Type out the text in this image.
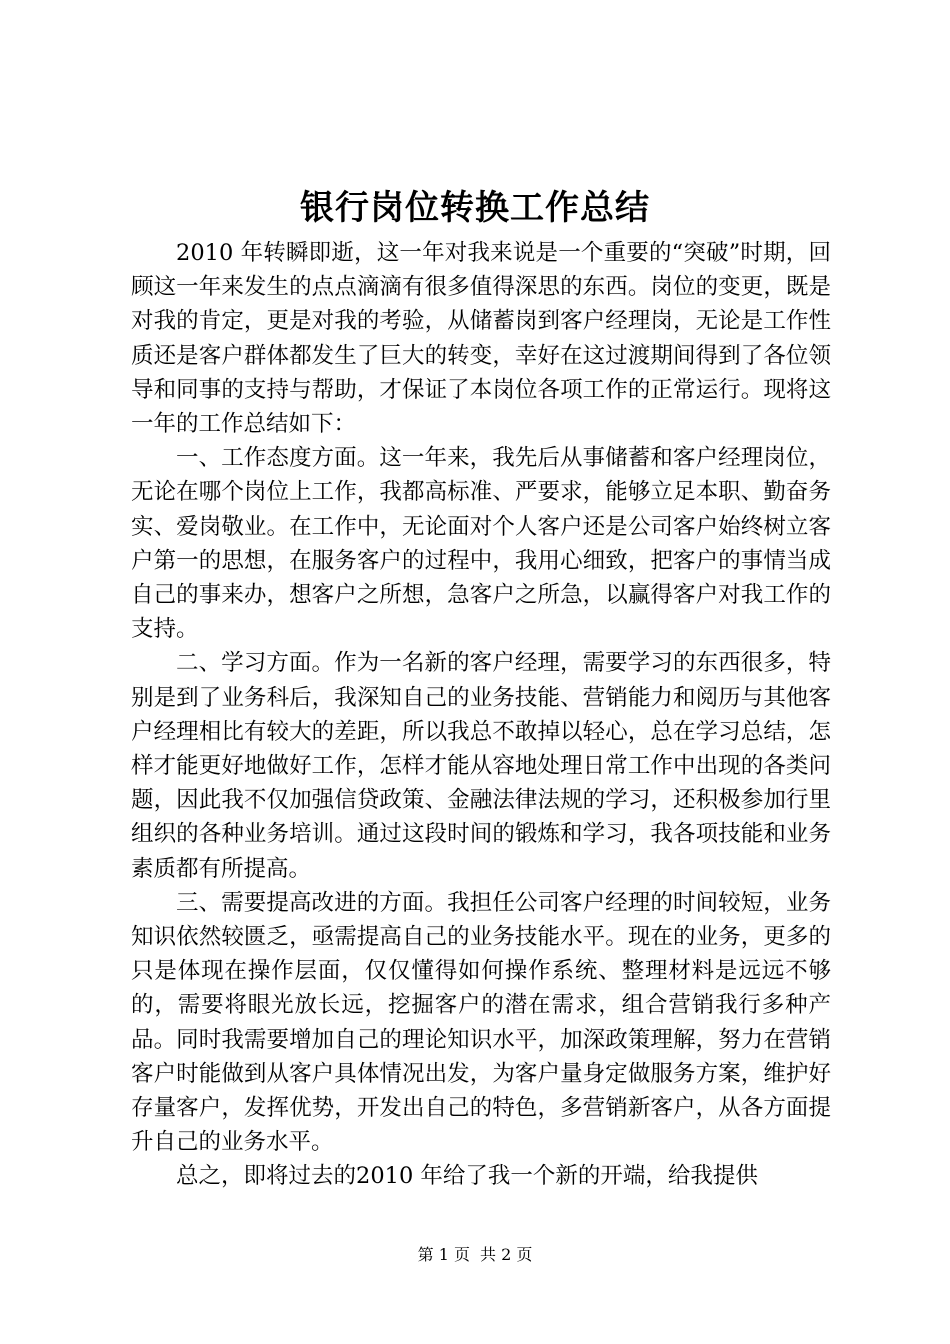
银行岗位转换工作总结

2010 年转瞬即逝，这一年对我来说是一个重要的“突破”时期，回顾这一年来发生的点点滴滴有很多值得深思的东西。岗位的变更，既是对我的肯定，更是对我的考验，从储蓄岗到客户经理岗，无论是工作性质还是客户群体都发生了巨大的转变，幸好在这过渡期间得到了各位领导和同事的支持与帮助，才保证了本岗位各项工作的正常运行。现将这一年的工作总结如下：

一、工作态度方面。这一年来，我先后从事储蓄和客户经理岗位，无论在哪个岗位上工作，我都高标准、严要求，能够立足本职、勤奋务实、爱岗敬业。在工作中，无论面对个人客户还是公司客户始终树立客户第一的思想，在服务客户的过程中，我用心细致，把客户的事情当成自己的事来办，想客户之所想，急客户之所急，以赢得客户对我工作的支持。

二、学习方面。作为一名新的客户经理，需要学习的东西很多，特别是到了业务科后，我深知自己的业务技能、营销能力和阅历与其他客户经理相比有较大的差距，所以我总不敢掉以轻心，总在学习总结，怎样才能更好地做好工作，怎样才能从容地处理日常工作中出现的各类问题，因此我不仅加强信贷政策、金融法律法规的学习，还积极参加行里组织的各种业务培训。通过这段时间的锻炼和学习，我各项技能和业务素质都有所提高。

三、需要提高改进的方面。我担任公司客户经理的时间较短，业务知识依然较匮乏，亟需提高自己的业务技能水平。现在的业务，更多的只是体现在操作层面，仅仅懂得如何操作系统、整理材料是远远不够的，需要将眼光放长远，挖掘客户的潜在需求，组合营销我行多种产品。同时我需要增加自己的理论知识水平，加深政策理解，努力在营销客户时能做到从客户具体情况出发，为客户量身定做服务方案，维护好存量客户，发挥优势，开发出自己的特色，多营销新客户，从各方面提升自己的业务水平。

总之，即将过去的2010 年给了我一个新的开端，给我提供

第 1 页 共 2 页
